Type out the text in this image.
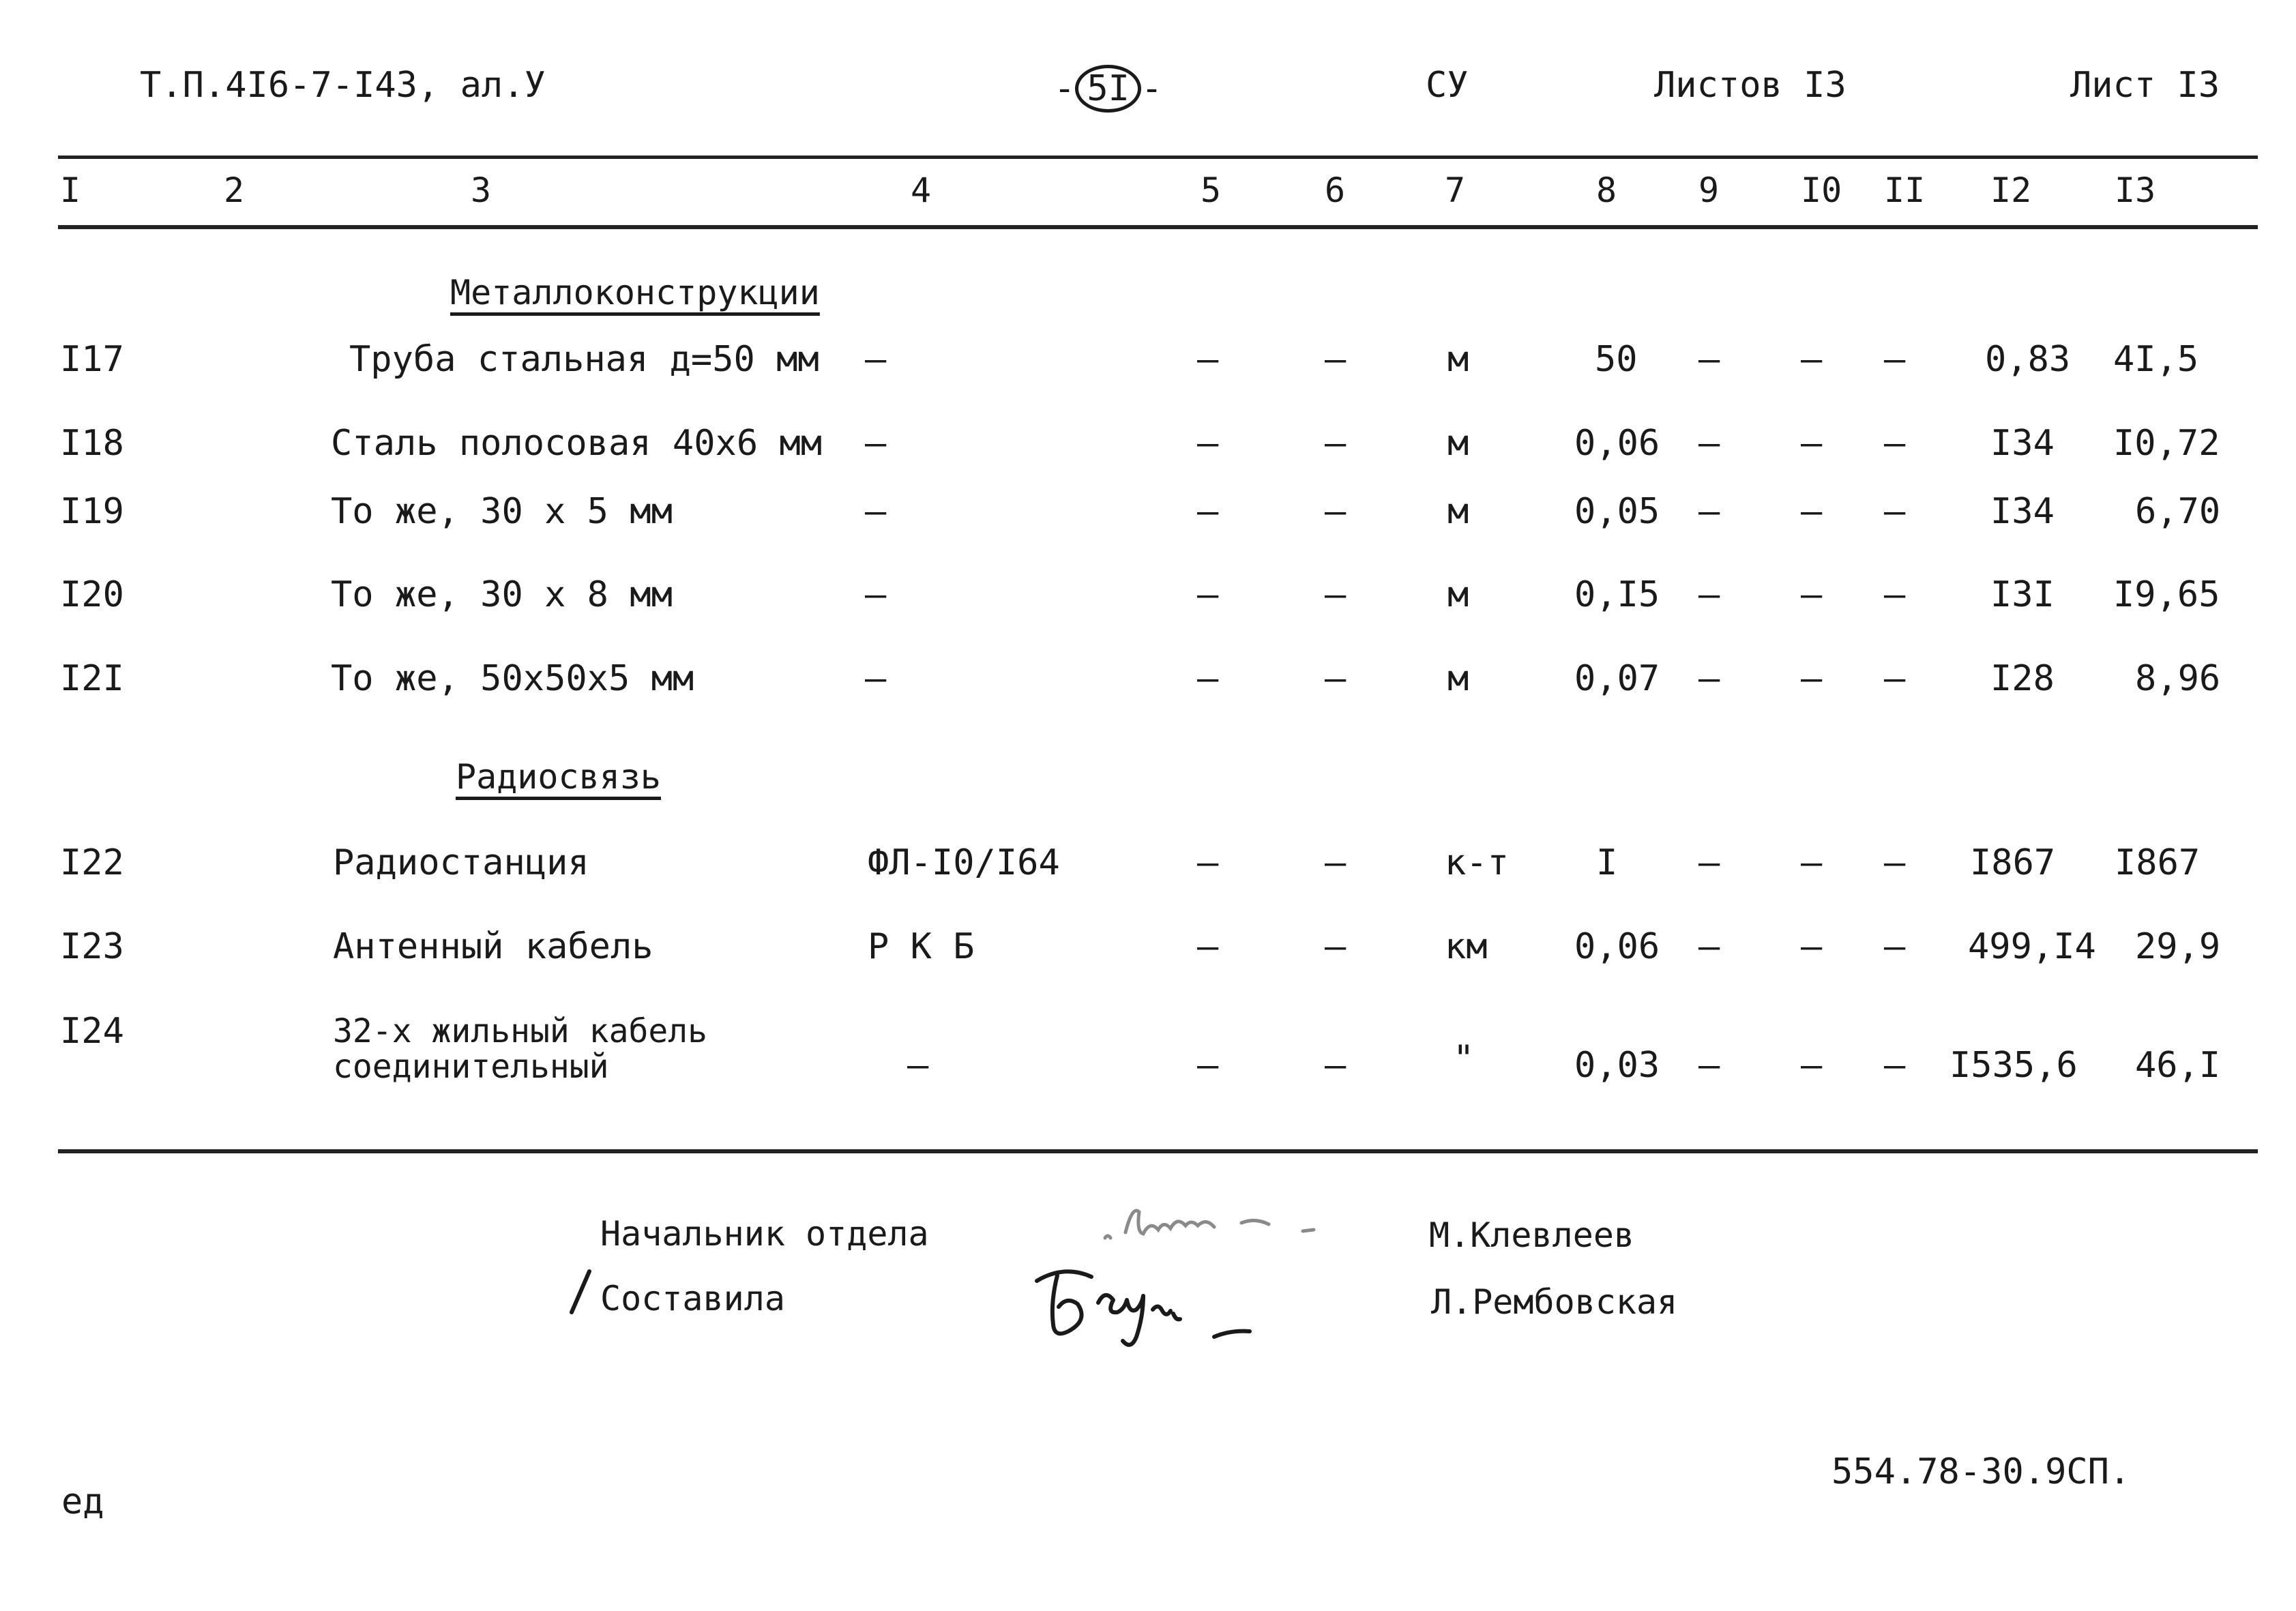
Т.П.4I6-7-I43, ал.У	- 5I -	СУ	Листов I3	Лист I3
I	2	3	4	5	6	7	8 9 I0 II I2 I3
Металлоконструкции
I17	Труба стальная д=50 мм –	–	–	м	50 – – – 0,83 4I,5
I18	Сталь полосовая 40х6 мм –	–	–	м	0,06 – – – I34 I0,72
I19	То же, 30 х 5 мм	–	–	–	м	0,05 – – – I34 6,70
I20	То же, 30 х 8 мм	–	–	–	м	0,I5 – – – I3I I9,65
I2I	То же, 50х50х5 мм	–	–	–	м	0,07 – – – I28 8,96
Радиосвязь
I22	Радиостанция	ФЛ-I0/I64	–	–	к-т I – – – I867 I867
I23	Антенный кабель	Р К Б	–	–	км 0,06 – – – 499,I4 29,9
I24	32-х жильный кабель
соединительный	–	–	–	"	0,03 – – – I535,6 46,I
Начальник отдела	М.Клевлеев
Составила	Л.Рембовская
ед
554.78-30.9СП.
